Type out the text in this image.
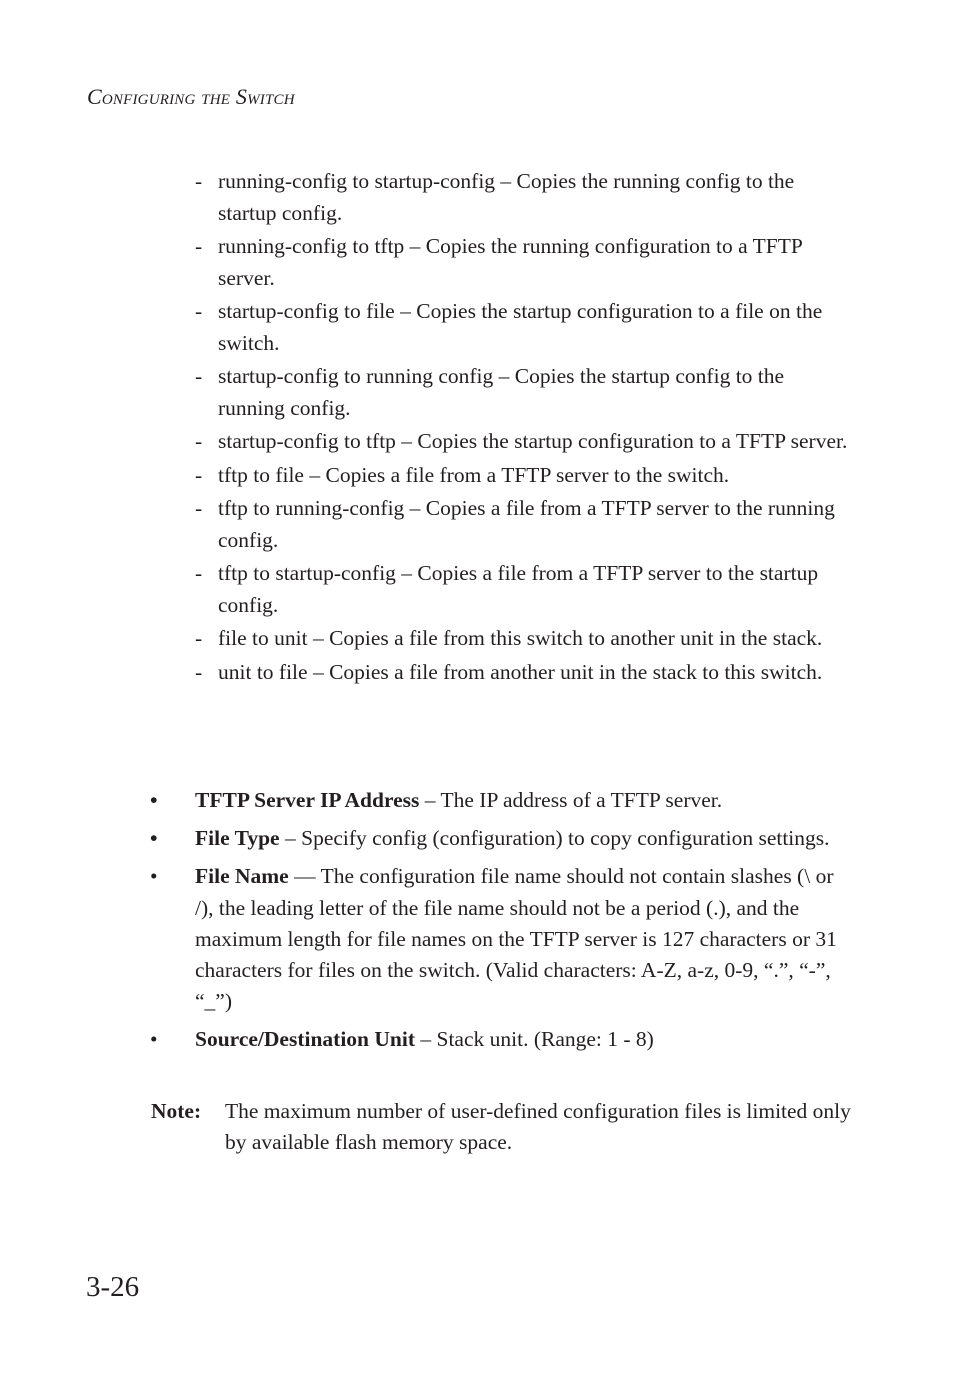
Configuring the Switch
- running-config to startup-config – Copies the running config to the startup config.
- running-config to tftp – Copies the running configuration to a TFTP server.
- startup-config to file – Copies the startup configuration to a file on the switch.
- startup-config to running config – Copies the startup config to the running config.
- startup-config to tftp – Copies the startup configuration to a TFTP server.
- tftp to file – Copies a file from a TFTP server to the switch.
- tftp to running-config – Copies a file from a TFTP server to the running config.
- tftp to startup-config – Copies a file from a TFTP server to the startup config.
- file to unit – Copies a file from this switch to another unit in the stack.
- unit to file – Copies a file from another unit in the stack to this switch.
• TFTP Server IP Address – The IP address of a TFTP server.
• File Type – Specify config (configuration) to copy configuration settings.
• File Name — The configuration file name should not contain slashes (\ or /), the leading letter of the file name should not be a period (.), and the maximum length for file names on the TFTP server is 127 characters or 31 characters for files on the switch. (Valid characters: A-Z, a-z, 0-9, “.”, “-”, “_”)
• Source/Destination Unit – Stack unit. (Range: 1 - 8)
Note: The maximum number of user-defined configuration files is limited only by available flash memory space.
3-26
